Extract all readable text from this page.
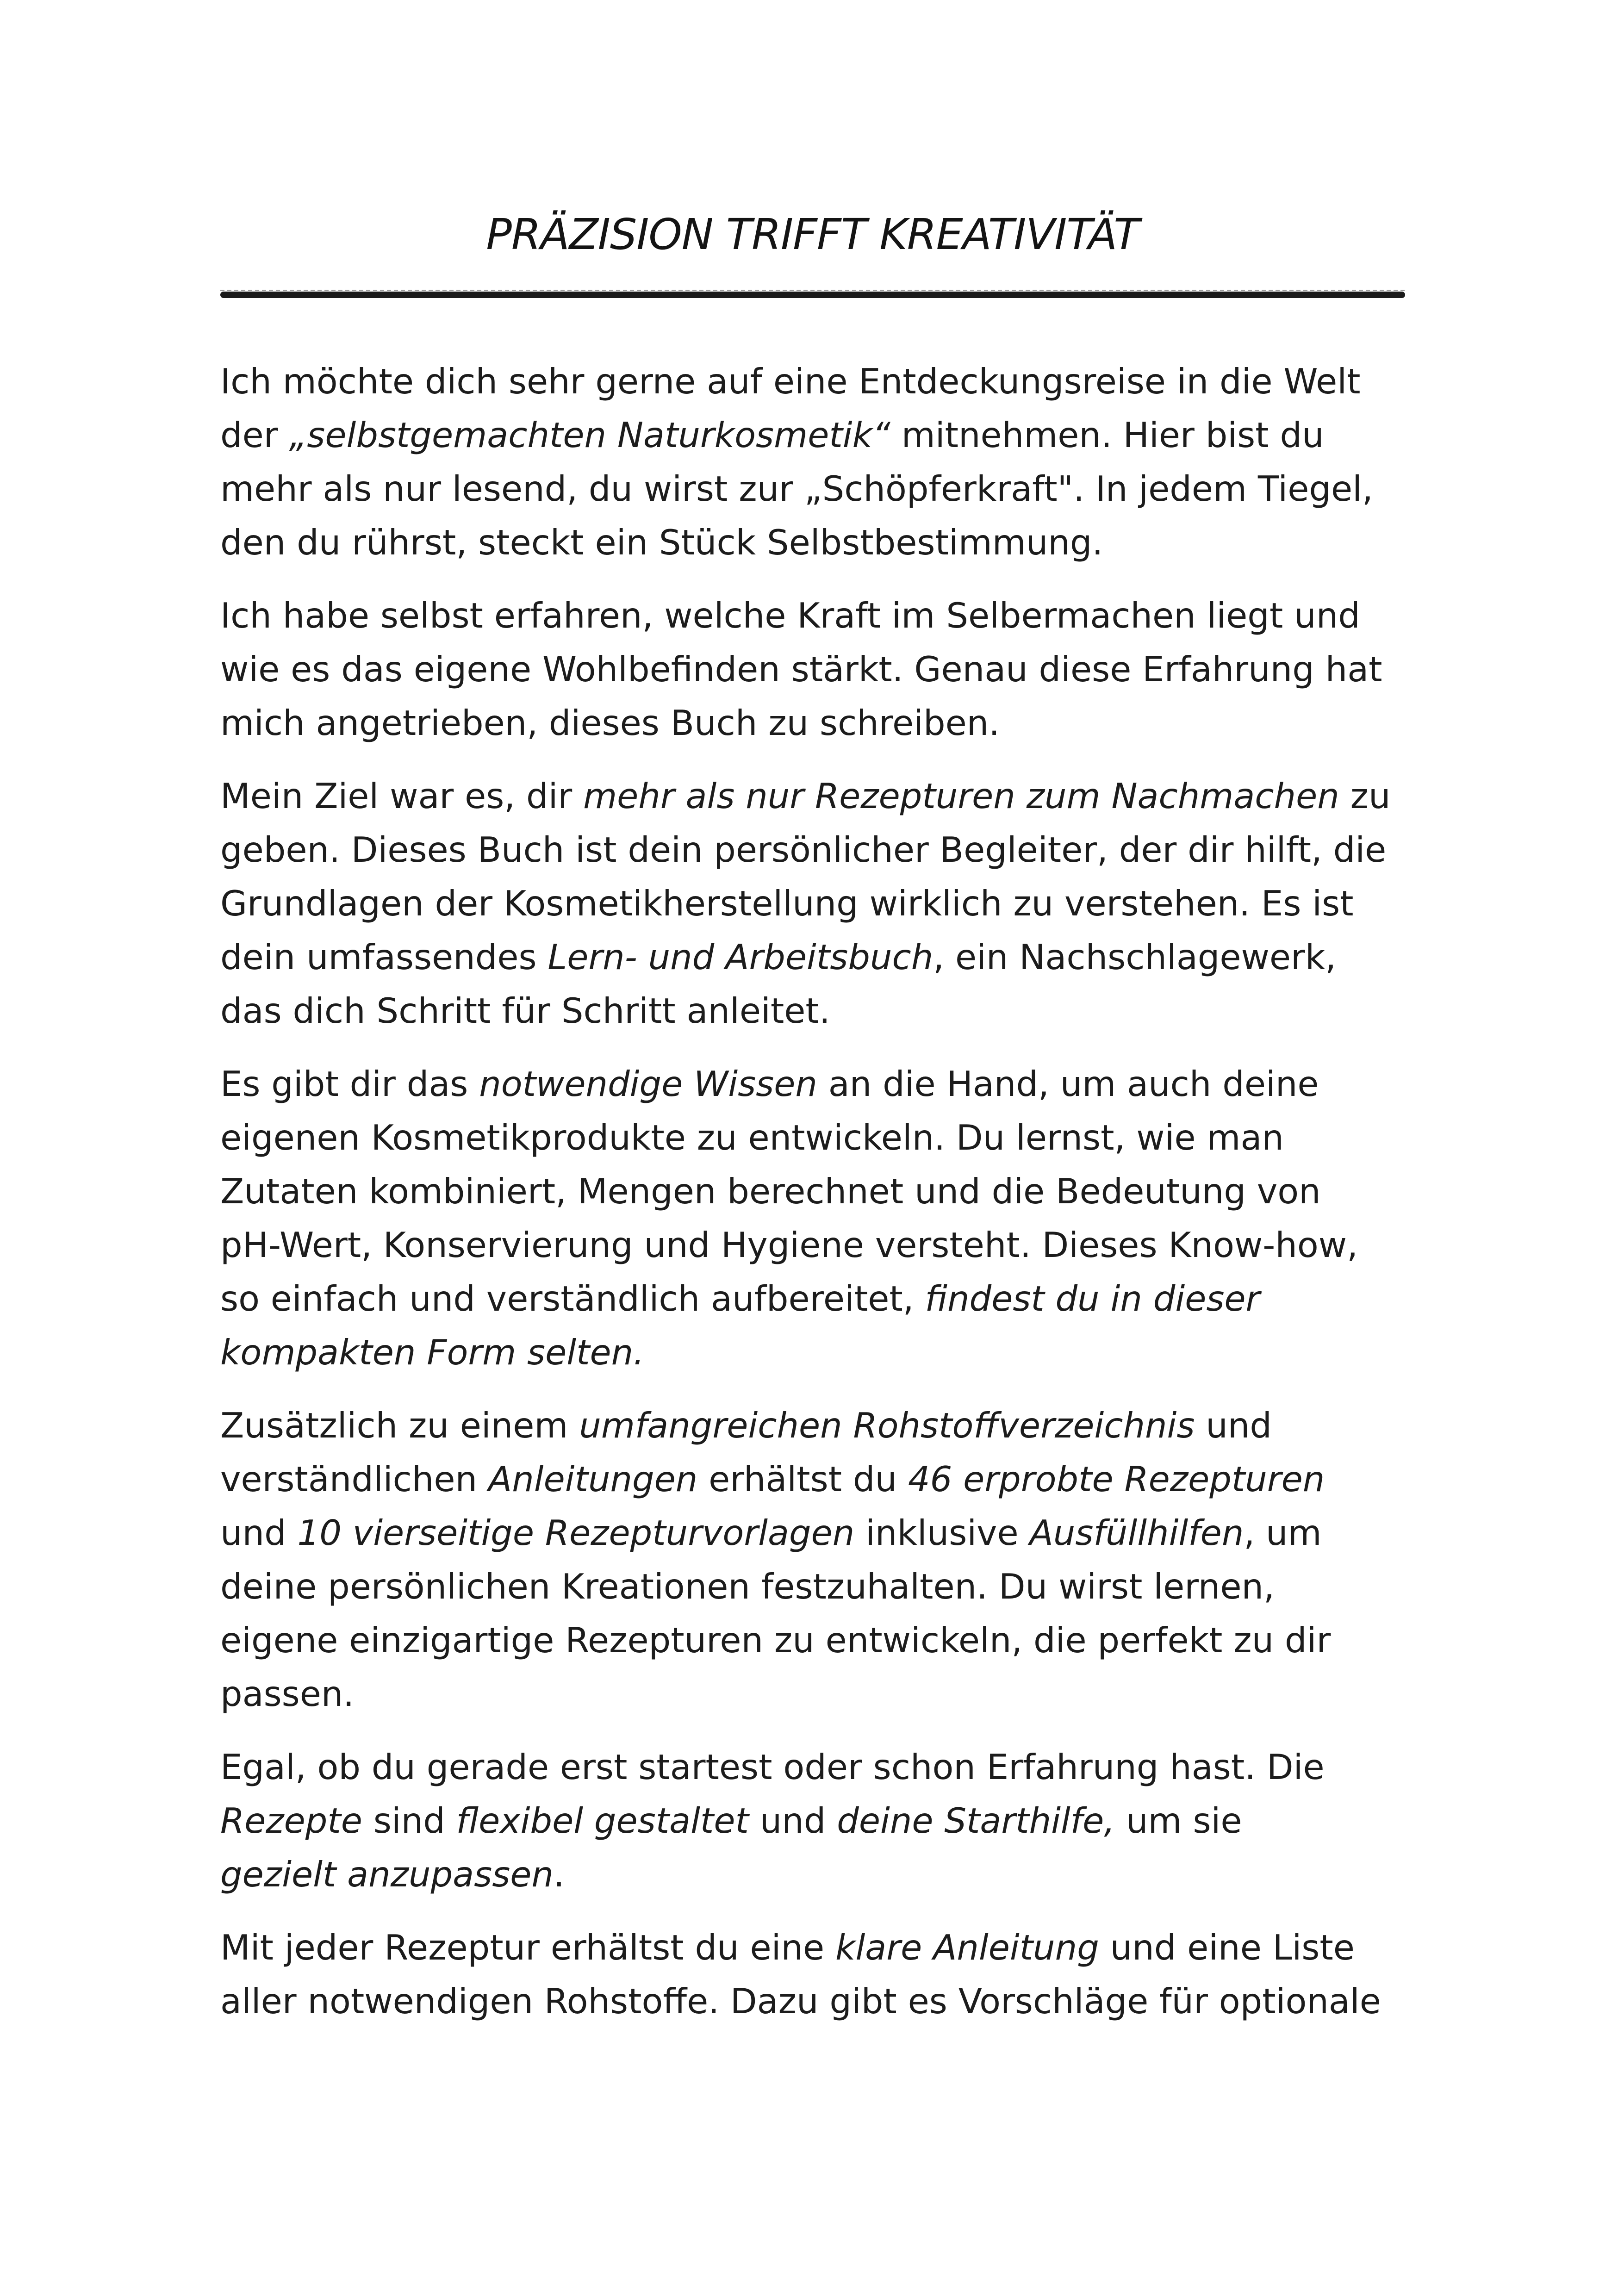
PRÄZISION TRIFFT KREATIVITÄT
Ich möchte dich sehr gerne auf eine Entdeckungsreise in die Welt
der „selbstgemachten Naturkosmetik“ mitnehmen. Hier bist du
mehr als nur lesend, du wirst zur „Schöpferkraft". In jedem Tiegel,
den du rührst, steckt ein Stück Selbstbestimmung.
Ich habe selbst erfahren, welche Kraft im Selbermachen liegt und
wie es das eigene Wohlbefinden stärkt. Genau diese Erfahrung hat
mich angetrieben, dieses Buch zu schreiben.
Mein Ziel war es, dir mehr als nur Rezepturen zum Nachmachen zu
geben. Dieses Buch ist dein persönlicher Begleiter, der dir hilft, die
Grundlagen der Kosmetikherstellung wirklich zu verstehen. Es ist
dein umfassendes Lern- und Arbeitsbuch, ein Nachschlagewerk,
das dich Schritt für Schritt anleitet.
Es gibt dir das notwendige Wissen an die Hand, um auch deine
eigenen Kosmetikprodukte zu entwickeln. Du lernst, wie man
Zutaten kombiniert, Mengen berechnet und die Bedeutung von
pH-Wert, Konservierung und Hygiene versteht. Dieses Know-how,
so einfach und verständlich aufbereitet, findest du in dieser
kompakten Form selten.
Zusätzlich zu einem umfangreichen Rohstoffverzeichnis und
verständlichen Anleitungen erhältst du 46 erprobte Rezepturen
und 10 vierseitige Rezepturvorlagen inklusive Ausfüllhilfen, um
deine persönlichen Kreationen festzuhalten. Du wirst lernen,
eigene einzigartige Rezepturen zu entwickeln, die perfekt zu dir
passen.
Egal, ob du gerade erst startest oder schon Erfahrung hast. Die
Rezepte sind flexibel gestaltet und deine Starthilfe, um sie
gezielt anzupassen.
Mit jeder Rezeptur erhältst du eine klare Anleitung und eine Liste
aller notwendigen Rohstoffe. Dazu gibt es Vorschläge für optionale
